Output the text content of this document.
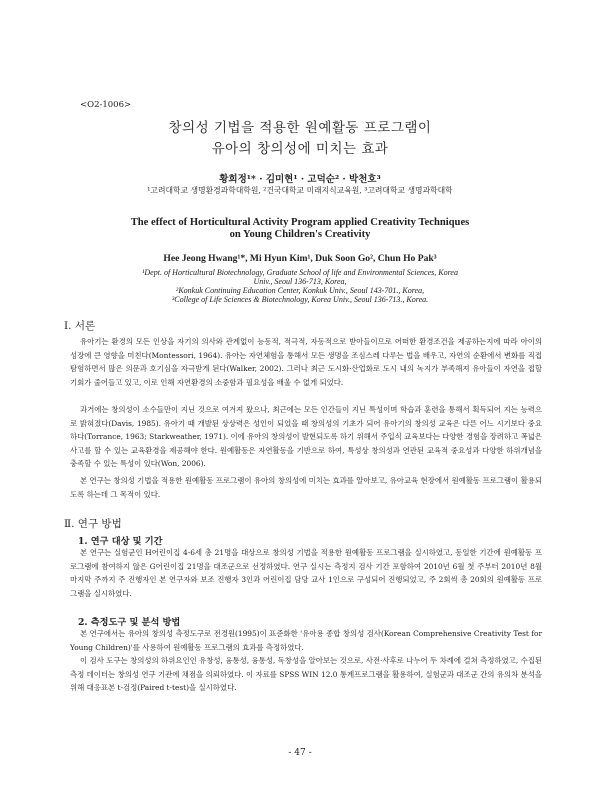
<O2-1006>
창의성 기법을 적용한 원예활동 프로그램이
유아의 창의성에 미치는 효과
황희정¹* · 김미현¹ · 고덕순² · 박천호³
¹고려대학교 생명환경과학대학원, ²건국대학교 미래지식교육원, ³고려대학교 생명과학대학
The effect of Horticultural Activity Program applied Creativity Techniques
on Young Children's Creativity
Hee Jeong Hwang¹*, Mi Hyun Kim¹, Duk Soon Go², Chun Ho Pak³
¹Dept. of Horticultural Biotechnology, Graduate School of life and Environmental Sciences, Korea
Univ., Seoul 136-713, Korea,
²Konkuk Continuing Education Center, Konkuk Univ., Seoul 143-701., Korea,
³College of Life Sciences & Biotechnology, Korea Univ., Seoul 136-713., Korea.
Ⅰ. 서론

유아기는 환경의 모든 인상을 자기의 의사와 관계없이 능동적, 적극적, 자동적으로 받아들이므로 어떠한 환경조건을 제공하는지에 따라 아이의 성장에 큰 영향을 미친다(Montessori, 1964). 유아는 자연체험을 통해서 모든 생명을 조심스레 다루는 법을 배우고, 자연의 순환에서 변화를 직접 탐험하면서 많은 의문과 호기심을 자극받게 된다(Walker, 2002). 그러나 최근 도시화·산업화로 도시 내의 녹지가 부족해져 유아들이 자연을 접할 기회가 줄어들고 있고, 이로 인해 자연환경의 소중함과 필요성을 배울 수 없게 되었다.

과거에는 창의성이 소수들만이 지닌 것으로 여겨져 왔으나, 최근에는 모든 인간들이 지닌 특성이며 학습과 훈련을 통해서 획득되어 지는 능력으로 밝혀졌다(Davis, 1985). 유아기 때 개발된 상상력은 성인이 되었을 때 창의성의 기초가 되어 유아기의 창의성 교육은 다른 어느 시기보다 중요하다(Torrance, 1963; Starkweather, 1971). 이에 유아의 창의성이 발현되도록 하기 위해서 주입식 교육보다는 다양한 경험을 장려하고 폭넓은 사고를 할 수 있는 교육환경을 제공해야 한다. 원예활동은 자연활동을 기반으로 하여, 특성상 창의성과 연관된 교육적 중요성과 다양한 하위개념을 충족할 수 있는 특성이 있다(Won, 2006).

본 연구는 창의성 기법을 적용한 원예활동 프로그램이 유아의 창의성에 미치는 효과를 알아보고, 유아교육 현장에서 원예활동 프로그램이 활용되도록 하는데 그 목적이 있다.

Ⅱ. 연구 방법
1. 연구 대상 및 기간

본 연구는 실험군인 H어린이집 4-6세 총 21명을 대상으로 창의성 기법을 적용한 원예활동 프로그램을 실시하였고, 동일한 기간에 원예활동 프로그램에 참여하지 않은 G어린이집 21명을 대조군으로 선정하였다. 연구 실시는 측정지 검사 기간 포함하여 2010년 6월 첫 주부터 2010년 8월 마지막 주까지 주 진행자인 본 연구자와 보조 진행자 3인과 어린이집 담당 교사 1인으로 구성되어 진행되었고, 주 2회씩 총 20회의 원예활동 프로그램을 실시하였다.

2. 측정도구 및 분석 방법

본 연구에서는 유아의 창의성 측정도구로 전경원(1995)이 표준화한 '유아용 종합 창의성 검사(Korean Comprehensive Creativity Test for Young Children)'를 사용하여 원예활동 프로그램의 효과를 측정하였다.

이 검사 도구는 창의성의 하위요인인 유창성, 융통성, 융통성, 독창성을 알아보는 것으로, 사전·사후로 나누어 두 차례에 걸쳐 측정하였고, 수집된 측정 데이터는 창의성 연구 기관에 채점을 의뢰하였다. 이 자료를 SPSS WIN 12.0 통계프로그램을 활용하여, 실험군과 대조군 간의 유의차 분석을 위해 대응표본 t-검정(Paired t-test)을 실시하였다.

- 47 -
